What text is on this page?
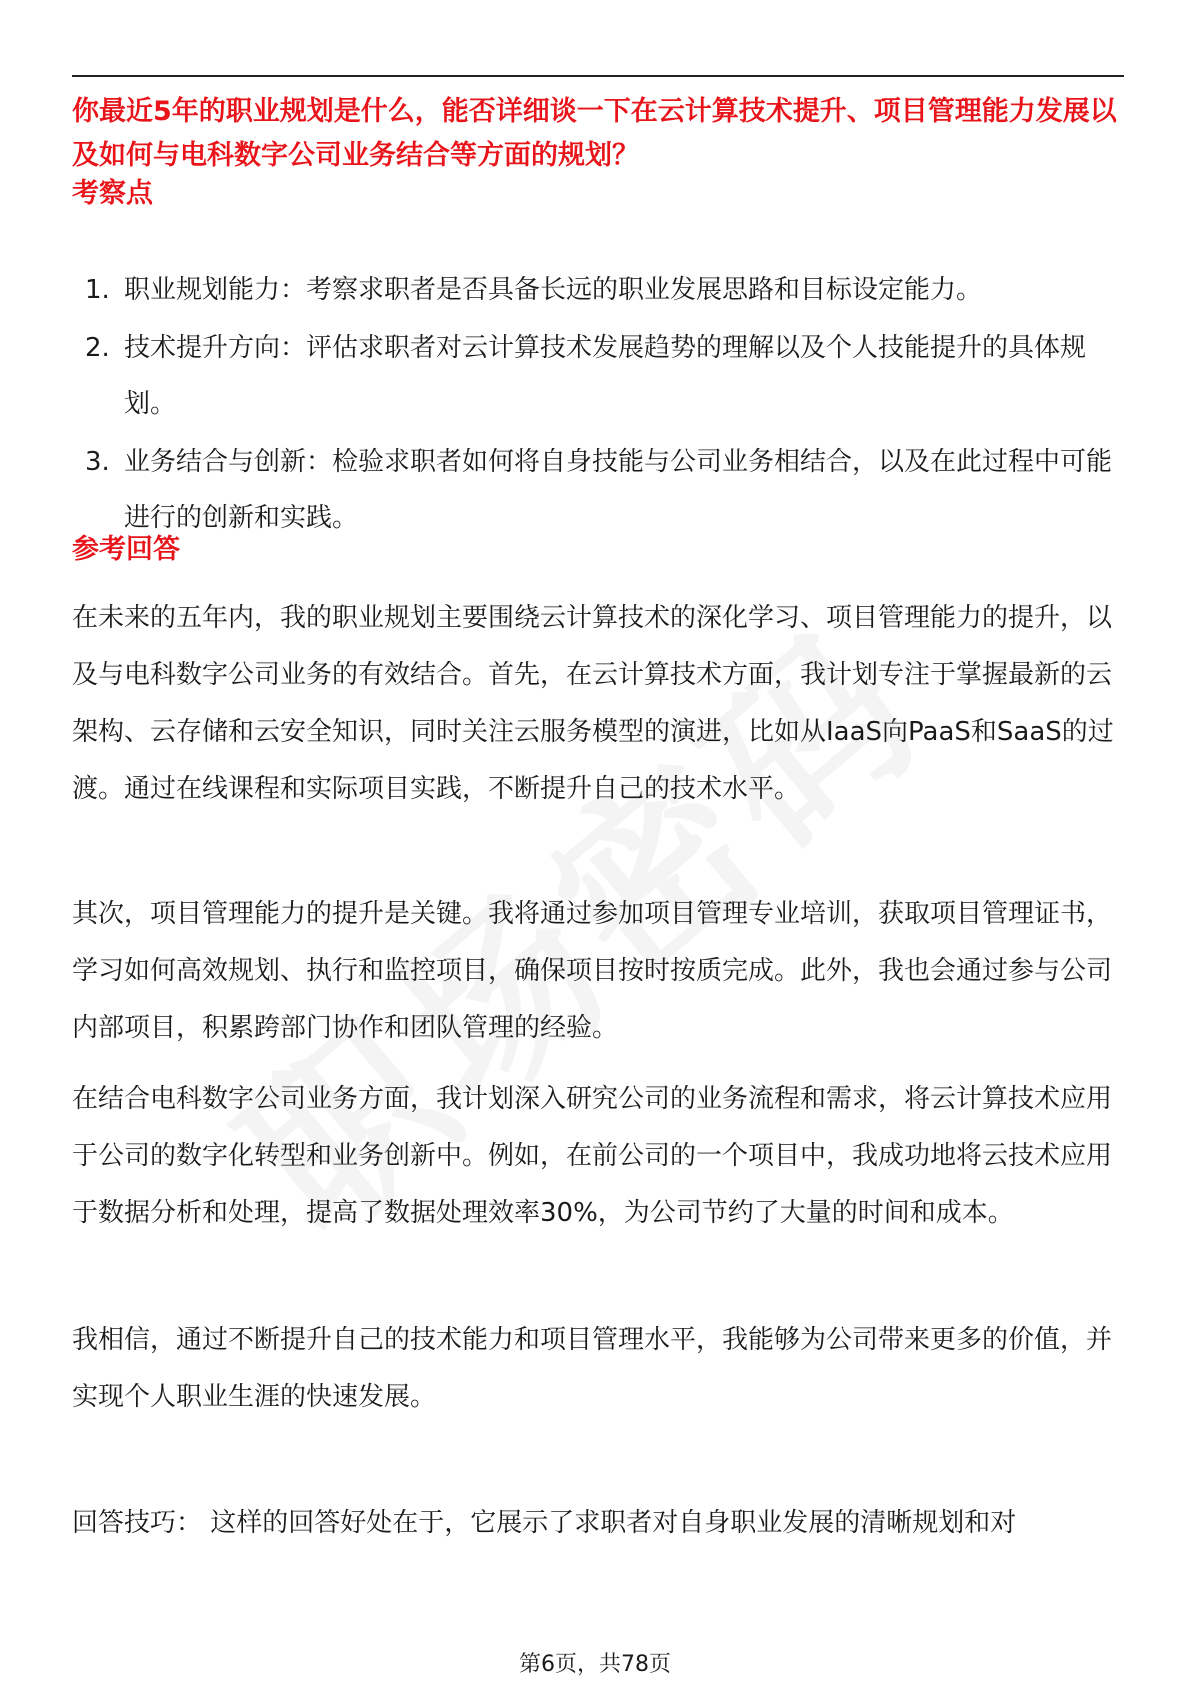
你最近5年的职业规划是什么，能否详细谈一下在云计算技术提升、项目管理能力发展以及如何与电科数字公司业务结合等方面的规划？

考察点

1. 职业规划能力：考察求职者是否具备长远的职业发展思路和目标设定能力。
2. 技术提升方向：评估求职者对云计算技术发展趋势的理解以及个人技能提升的具体规划。
3. 业务结合与创新：检验求职者如何将自身技能与公司业务相结合，以及在此过程中可能进行的创新和实践。

参考回答

在未来的五年内，我的职业规划主要围绕云计算技术的深化学习、项目管理能力的提升，以及与电科数字公司业务的有效结合。首先，在云计算技术方面，我计划专注于掌握最新的云架构、云存储和云安全知识，同时关注云服务模型的演进，比如从IaaS向PaaS和SaaS的过渡。通过在线课程和实际项目实践，不断提升自己的技术水平。

其次，项目管理能力的提升是关键。我将通过参加项目管理专业培训，获取项目管理证书，学习如何高效规划、执行和监控项目，确保项目按时按质完成。此外，我也会通过参与公司内部项目，积累跨部门协作和团队管理的经验。

在结合电科数字公司业务方面，我计划深入研究公司的业务流程和需求，将云计算技术应用于公司的数字化转型和业务创新中。例如，在前公司的一个项目中，我成功地将云技术应用于数据分析和处理，提高了数据处理效率30%，为公司节约了大量的时间和成本。

我相信，通过不断提升自己的技术能力和项目管理水平，我能够为公司带来更多的价值，并实现个人职业生涯的快速发展。

回答技巧： 这样的回答好处在于，它展示了求职者对自身职业发展的清晰规划和对

第6页，共78页
